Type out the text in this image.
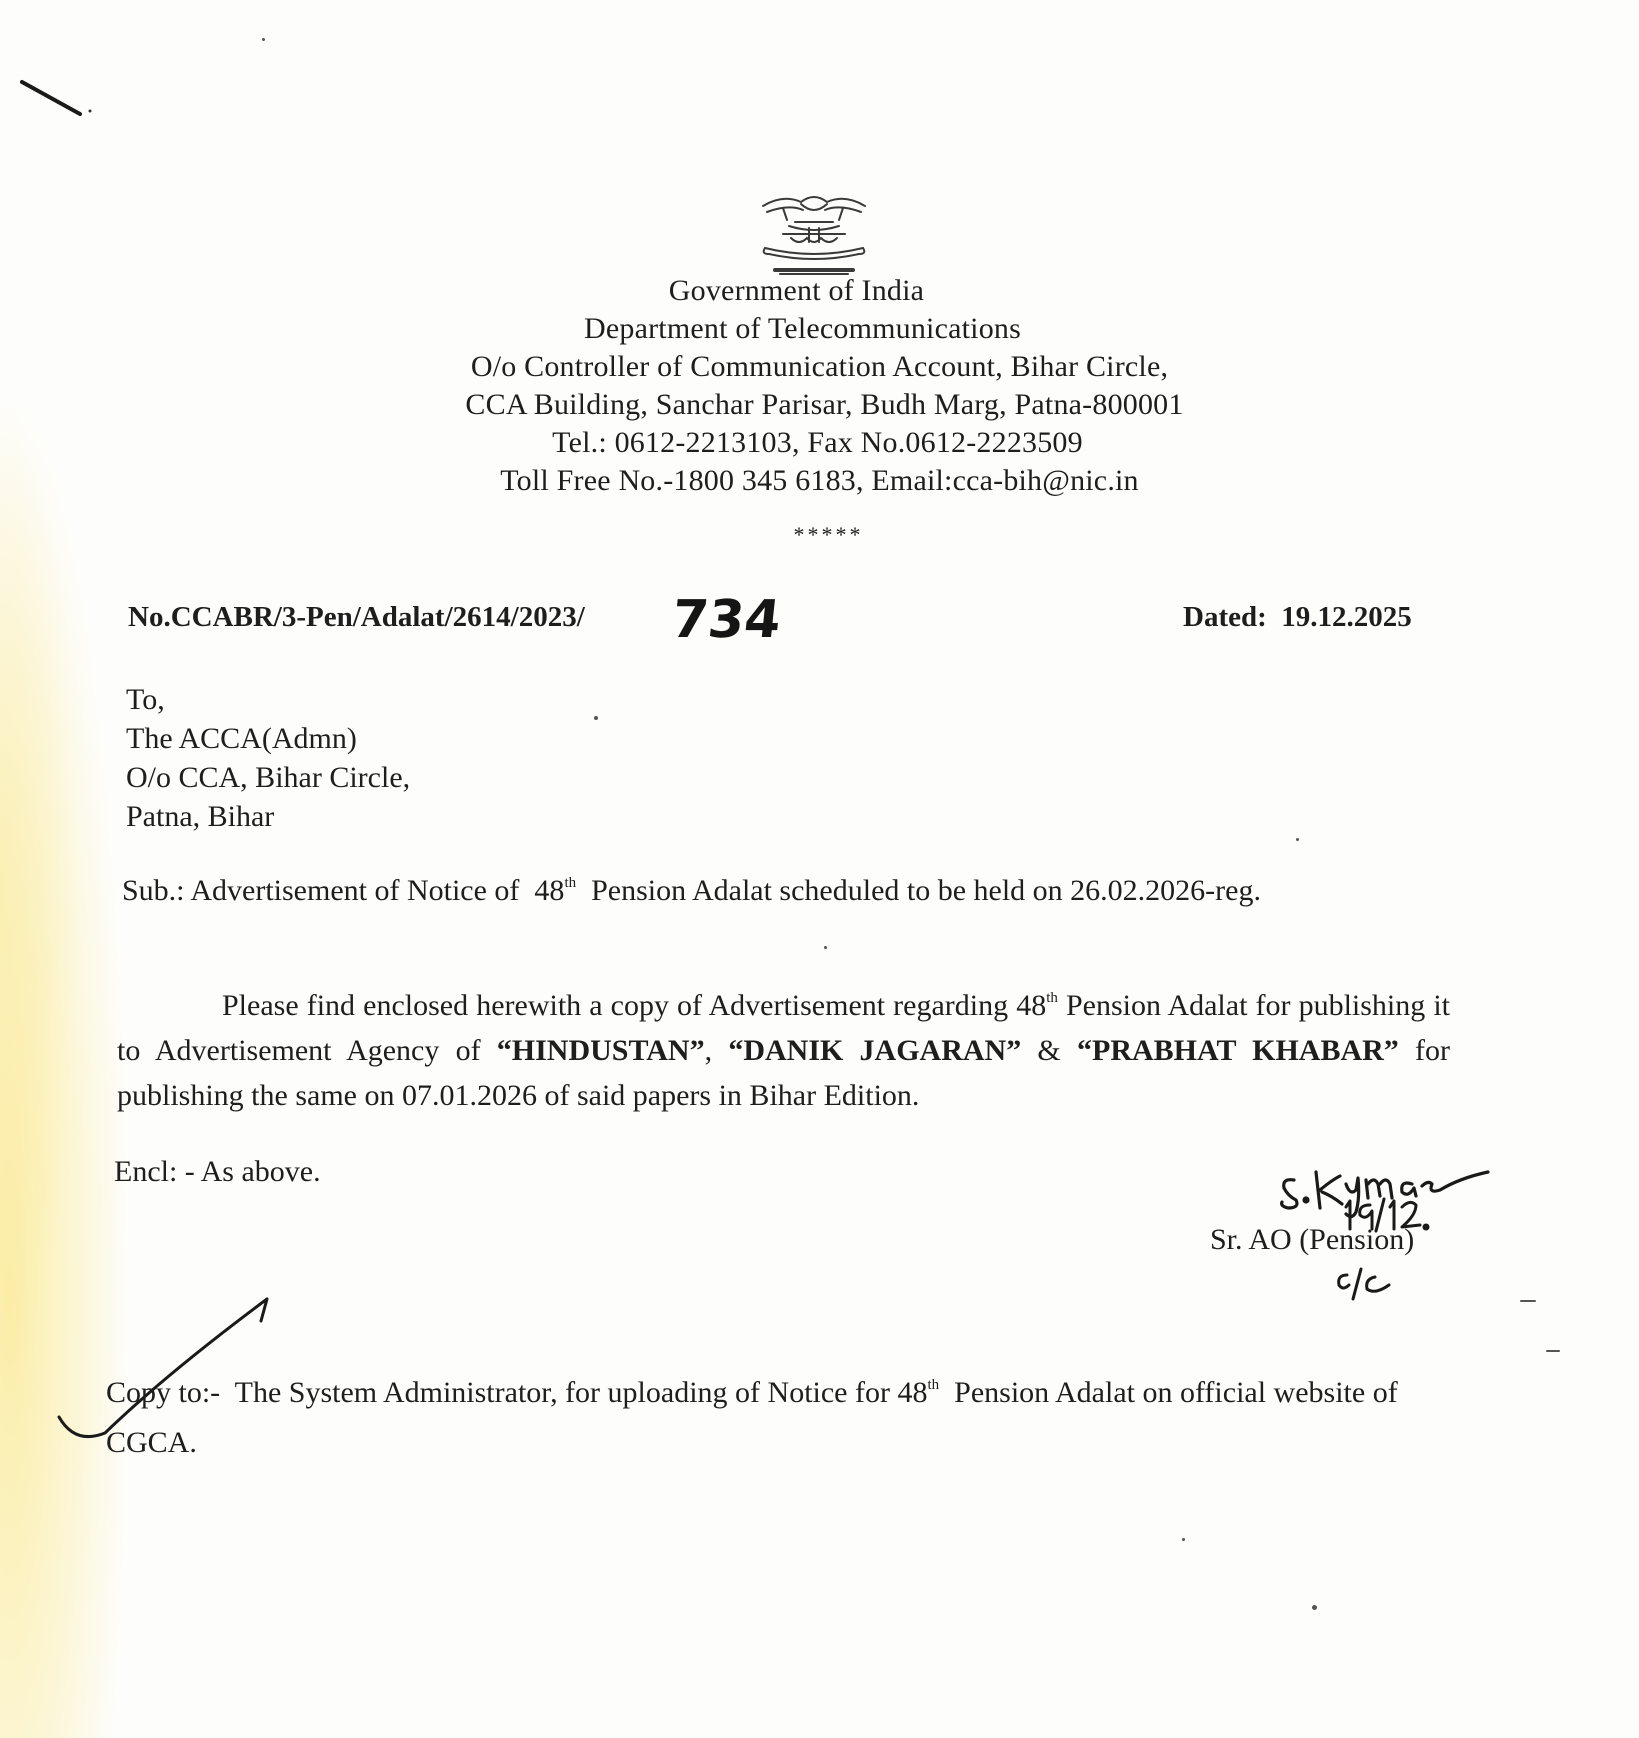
Government of India
Department of Telecommunications
O/o Controller of Communication Account, Bihar Circle,
CCA Building, Sanchar Parisar, Budh Marg, Patna-800001
Tel.: 0612-2213103, Fax No.0612-2223509
Toll Free No.-1800 345 6183, Email:cca-bih@nic.in
*****
No.CCABR/3-Pen/Adalat/2614/2023/ 734	Dated: 19.12.2025
To,
The ACCA(Admn)
O/o CCA, Bihar Circle,
Patna, Bihar
Sub.: Advertisement of Notice of  48th  Pension Adalat scheduled to be held on 26.02.2026-reg.
Please find enclosed herewith a copy of Advertisement regarding 48th Pension Adalat for publishing it to Advertisement Agency of “HINDUSTAN”, “DANIK JAGARAN” & “PRABHAT KHABAR” for publishing the same on 07.01.2026 of said papers in Bihar Edition.
Encl: - As above.
Sr. AO (Pension)
Copy to:-  The System Administrator, for uploading of Notice for 48th  Pension Adalat on official website of CGCA.
